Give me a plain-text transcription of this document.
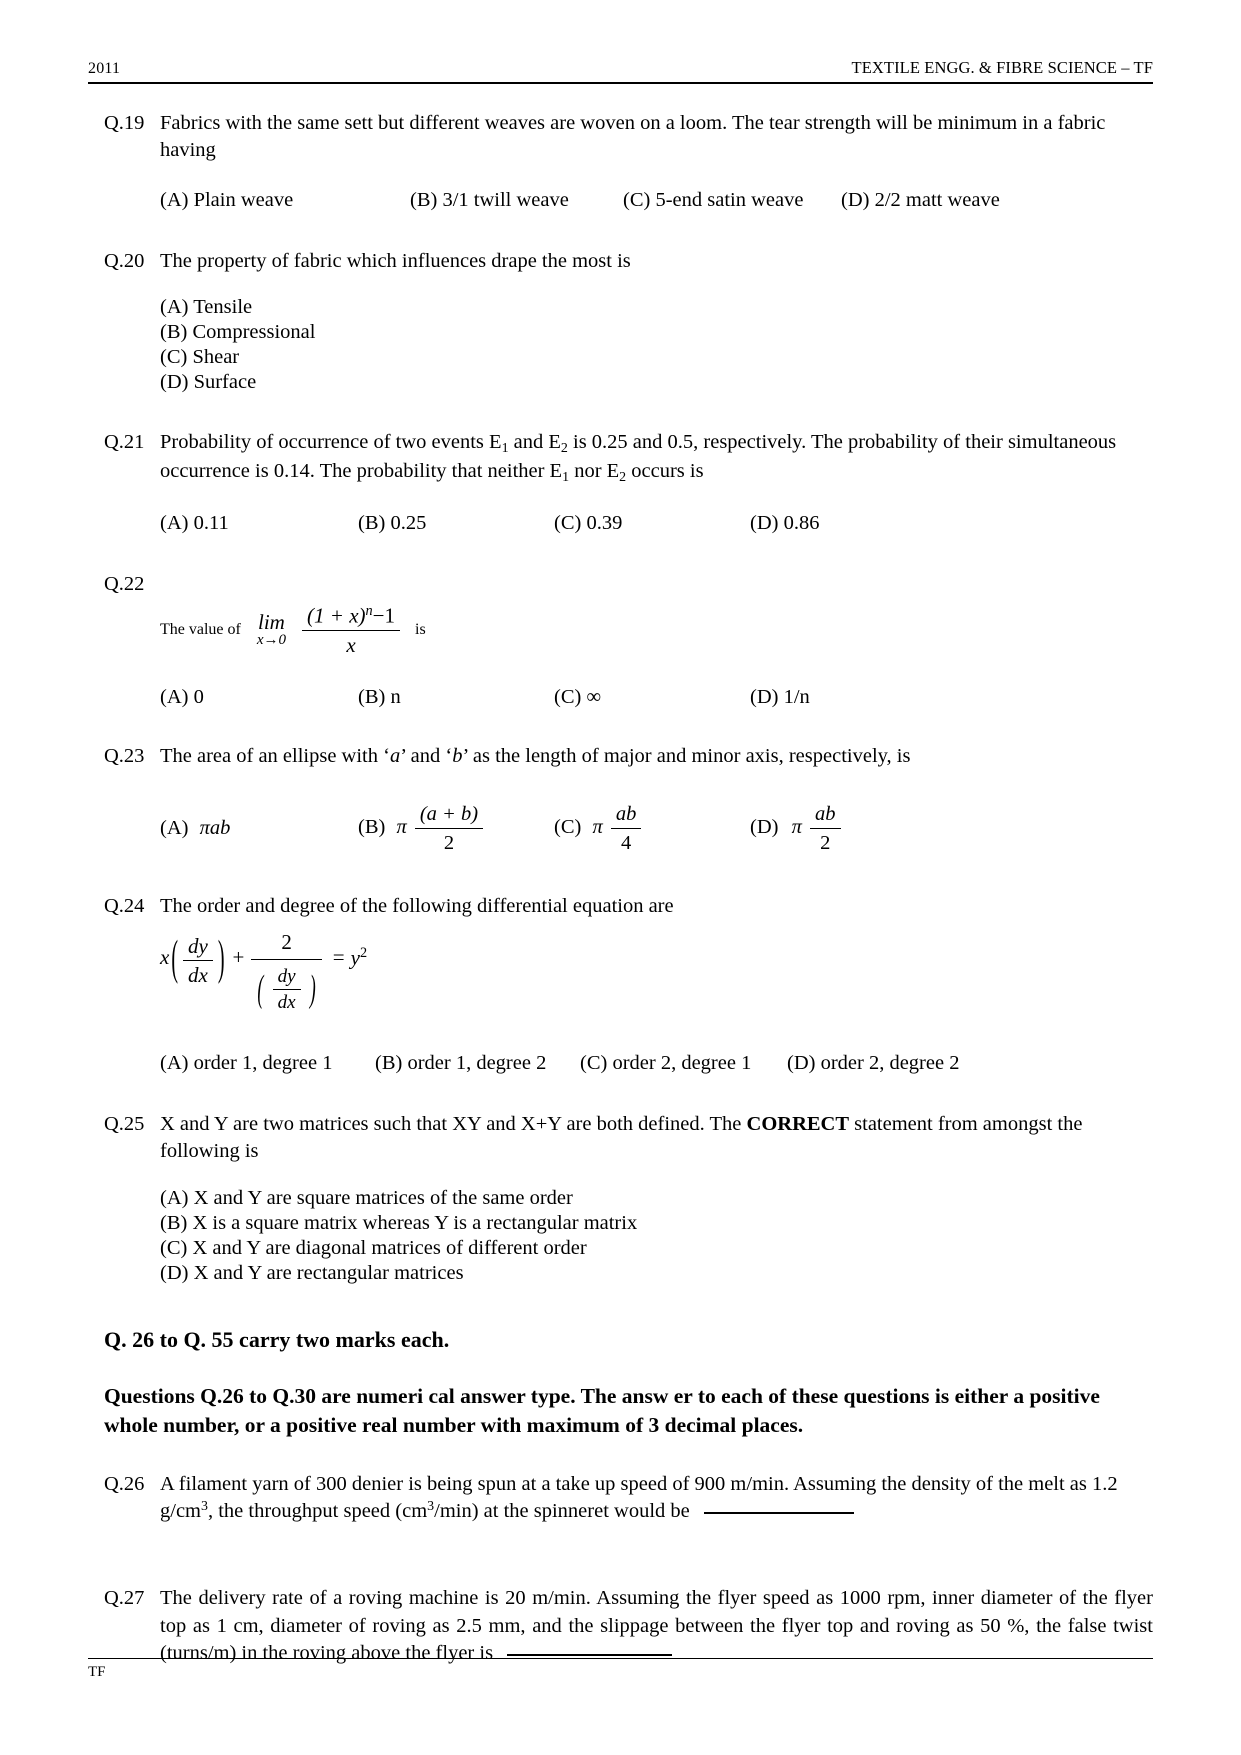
2011	TEXTILE ENGG. & FIBRE SCIENCE – TF
Q.19 Fabrics with the same sett but different weaves are woven on a loom. The tear strength will be minimum in a fabric having
(A) Plain weave	(B) 3/1 twill weave	(C) 5-end satin weave	(D) 2/2 matt weave
Q.20 The property of fabric which influences drape the most is
(A) Tensile
(B) Compressional
(C) Shear
(D) Surface
Q.21 Probability of occurrence of two events $E_1$ and $E_2$ is 0.25 and 0.5, respectively. The probability of their simultaneous occurrence is 0.14. The probability that neither $E_1$ nor $E_2$ occurs is
(A) 0.11	(B) 0.25	(C) 0.39	(D) 0.86
Q.22
The value of lim
$x\to 0 \frac{(1 + x)^n-1}{x}$ is
(A) 0	(B) n	(C) ∞	(D) 1/n
Q.23 The area of an ellipse with ‘a’ and ‘b’ as the length of major and minor axis, respectively, is
(A) πab	(B) π $\frac{(a + b)}{2}$	(C) π $\frac{ab}{4}$	(D) π $\frac{ab}{2}$
Q.24 The order and degree of the following differential equation are
x ( $\frac{dy}{dx}$ ) +
2
( $\frac{dy}{dx}$ )
= $y^2$
(A) order 1, degree 1	(B) order 1, degree 2	(C) order 2, degree 1	(D) order 2, degree 2
Q.25 X and Y are two matrices such that XY and X+Y are both defined. The CORRECT statement from amongst the following is
(A) X and Y are square matrices of the same order
(B) X is a square matrix whereas Y is a rectangular matrix
(C) X and Y are diagonal matrices of different order
(D) X and Y are rectangular matrices
Q. 26 to Q. 55 carry two marks each.
Questions Q.26 to Q.30 are numeri cal answer type. The answ er to each of these questions is either a positive whole number, or a positive real number with maximum of 3 decimal places.
Q.26 A filament yarn of 300 denier is being spun at a take up speed of 900 m/min. Assuming the density of the melt as 1.2 $g/cm^3$, the throughput speed $(cm^3/\min)$ at the spinneret would be
Q.27 The delivery rate of a roving machine is 20 m/min. Assuming the flyer speed as 1000 rpm, inner diameter of the flyer top as 1 cm, diameter of roving as 2.5 mm, and the slippage between the flyer top and roving as 50 %, the false twist (turns/m) in the roving above the flyer is
TF
